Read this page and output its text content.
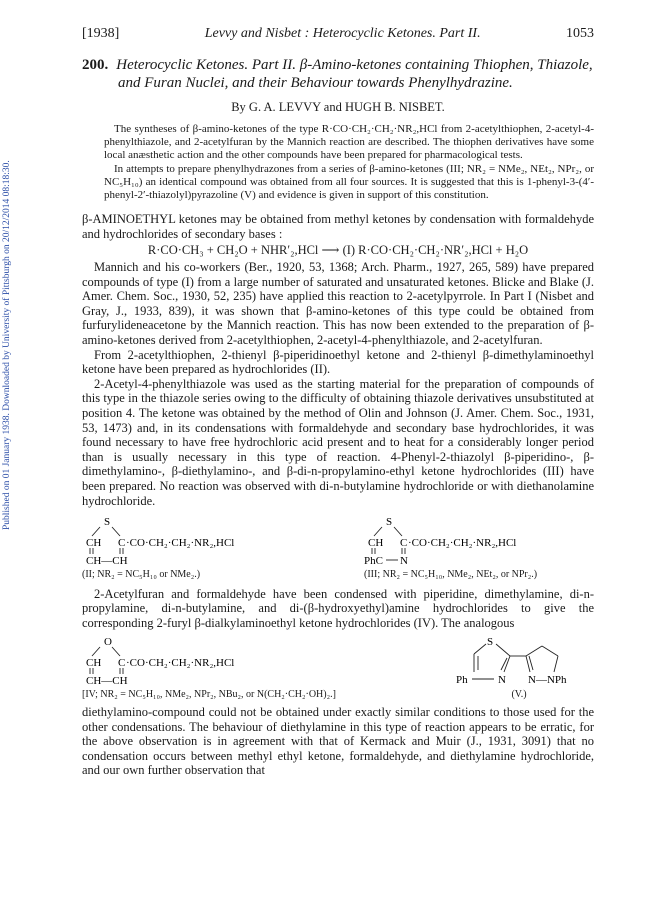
Published on 01 January 1938. Downloaded by University of Pittsburgh on 20/12/2014 08:18:30.
[1938]	Levvy and Nisbet : Heterocyclic Ketones. Part II.	1053
200. Heterocyclic Ketones. Part II. β-Amino-ketones containing Thiophen, Thiazole, and Furan Nuclei, and their Behaviour towards Phenylhydrazine.
By G. A. LEVVY and HUGH B. NISBET.

The syntheses of β-amino-ketones of the type R·CO·CH₂·CH₂·NR₂,HCl from 2-acetylthiophen, 2-acetyl-4-phenylthiazole, and 2-acetylfuran by the Mannich reaction are described. The thiophen derivatives have some local anæsthetic action and the other compounds have been prepared for pharmacological tests.

In attempts to prepare phenylhydrazones from a series of β-amino-ketones (III; NR₂ = NMe₂, NEt₂, NPr₂, or NC₅H₁₀) an identical compound was obtained from all four sources. It is suggested that this is 1-phenyl-3-(4′-phenyl-2′-thiazolyl)pyrazoline (V) and evidence is given in support of this constitution.

β-AMINOETHYL ketones may be obtained from methyl ketones by condensation with formaldehyde and hydrochlorides of secondary bases :

R·CO·CH₃ + CH₂O + NHR′₂,HCl ⟶ (I) R·CO·CH₂·CH₂·NR′₂,HCl + H₂O

Mannich and his co-workers (Ber., 1920, 53, 1368; Arch. Pharm., 1927, 265, 589) have prepared compounds of type (I) from a large number of saturated and unsaturated ketones. Blicke and Blake (J. Amer. Chem. Soc., 1930, 52, 235) have applied this reaction to 2-acetylpyrrole. In Part I (Nisbet and Gray, J., 1933, 839), it was shown that β-amino-ketones of this type could be obtained from furfurylideneacetone by the Mannich reaction. This has now been extended to the preparation of β-amino-ketones derived from 2-acetylthiophen, 2-acetyl-4-phenylthiazole, and 2-acetylfuran.

From 2-acetylthiophen, 2-thienyl β-piperidinoethyl ketone and 2-thienyl β-dimethylaminoethyl ketone have been prepared as hydrochlorides (II).

2-Acetyl-4-phenylthiazole was used as the starting material for the preparation of compounds of this type in the thiazole series owing to the difficulty of obtaining thiazole derivatives unsubstituted at position 4. The ketone was obtained by the method of Olin and Johnson (J. Amer. Chem. Soc., 1931, 53, 1473) and, in its condensations with formaldehyde and secondary base hydrochlorides, it was found necessary to have free hydrochloric acid present and to heat for a considerably longer period than is usually necessary in this type of reaction. 4-Phenyl-2-thiazolyl β-piperidino-, β-dimethylamino-, β-diethylamino-, and β-di-n-propylamino-ethyl ketone hydrochlorides (III) have been prepared. No reaction was observed with di-n-butylamine hydrochloride or with diethanolamine hydrochloride.

S
CH C ·CO·CH₂·CH₂·NR₂,HCl
CH—CH
(II; NR₂ = NC₅H₁₀ or NMe₂.)
S
CH C ·CO·CH₂·CH₂·NR₂,HCl
PhC N
(III; NR₂ = NC₅H₁₀, NMe₂, NEt₂, or NPr₂.)

2-Acetylfuran and formaldehyde have been condensed with piperidine, dimethylamine, di-n-propylamine, di-n-butylamine, and di-(β-hydroxyethyl)amine hydrochlorides to give the corresponding 2-furyl β-dialkylaminoethyl ketone hydrochlorides (IV). The analogous

O
CH C ·CO·CH₂·CH₂·NR₂,HCl
CH—CH
[IV; NR₂ = NC₅H₁₀, NMe₂, NPr₂, NBu₂, or N(CH₂·CH₂·OH)₂.]
S
Ph	N N—NPh
(V.)

diethylamino-compound could not be obtained under exactly similar conditions to those used for the other condensations. The behaviour of diethylamine in this type of reaction appears to be erratic, for the above observation is in agreement with that of Kermack and Muir (J., 1931, 3091) that no condensation occurs between methyl ethyl ketone, formaldehyde, and diethylamine hydrochloride, and our own further observation that
